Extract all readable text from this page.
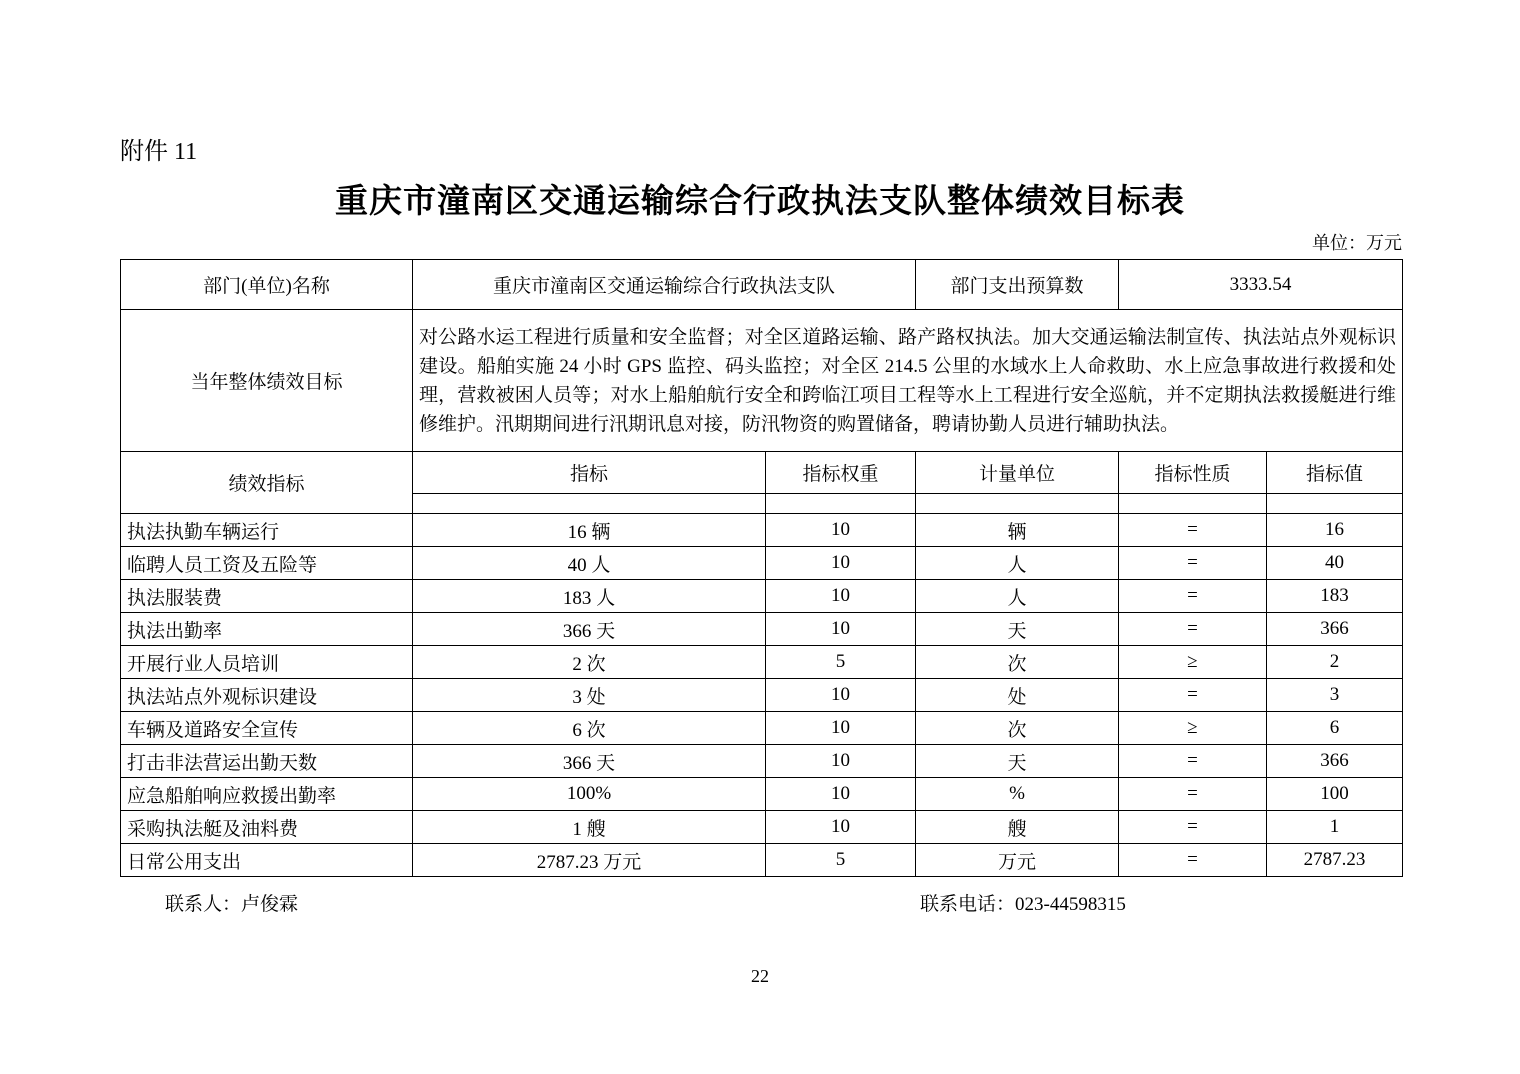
附件 11
重庆市潼南区交通运输综合行政执法支队整体绩效目标表
单位：万元
部门(单位)名称	重庆市潼南区交通运输综合行政执法支队		部门支出预算数	3333.54	
当年整体绩效目标	对公路水运工程进行质量和安全监督；对全区道路运输、路产路权执法。加大交通运输法制宣传、执法站点外观标识建设。船舶实施 24 小时 GPS 监控、码头监控；对全区 214.5 公里的水域水上人命救助、水上应急事故进行救援和处理，营救被困人员等；对水上船舶航行安全和跨临江项目工程等水上工程进行安全巡航，并不定期执法救援艇进行维修维护。汛期期间进行汛期讯息对接，防汛物资的购置储备，聘请协勤人员进行辅助执法。				
绩效指标	指标	指标权重	计量单位	指标性质	指标值

执法执勤车辆运行	16 辆	10	辆	=	16
临聘人员工资及五险等	40 人	10	人	=	40
执法服装费	183 人	10	人	=	183
执法出勤率	366 天	10	天	=	366
开展行业人员培训	2 次	5	次	≥	2
执法站点外观标识建设	3 处	10	处	=	3
车辆及道路安全宣传	6 次	10	次	≥	6
打击非法营运出勤天数	366 天	10	天	=	366
应急船舶响应救援出勤率	100%	10	%	=	100
采购执法艇及油料费	1 艘	10	艘	=	1
日常公用支出	2787.23 万元	5	万元	=	2787.23
联系人：卢俊霖	联系电话：023-44598315
22
